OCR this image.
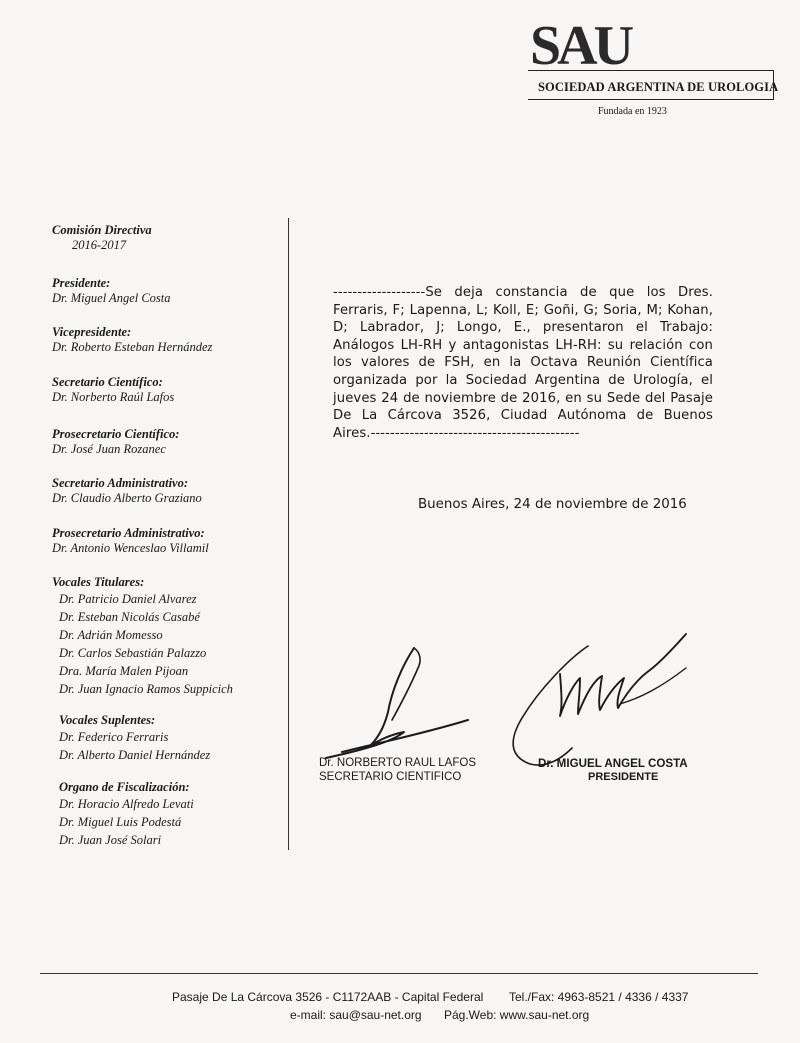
SAU
SOCIEDAD ARGENTINA DE UROLOGIA
Fundada en 1923
Comisión Directiva
2016-2017
Presidente:
Dr. Miguel Angel Costa
Vicepresidente:
Dr. Roberto Esteban Hernández
Secretario Científico:
Dr. Norberto Raúl Lafos
Prosecretario Científico:
Dr. José Juan Rozanec
Secretario Administrativo:
Dr. Claudio Alberto Graziano
Prosecretario Administrativo:
Dr. Antonio Wenceslao Villamil
Vocales Titulares:
Dr. Patricio Daniel Alvarez
Dr. Esteban Nicolás Casabé
Dr. Adrián Momesso
Dr. Carlos Sebastián Palazzo
Dra. María Malen Pijoan
Dr. Juan Ignacio Ramos Suppicich
Vocales Suplentes:
Dr. Federico Ferraris
Dr. Alberto Daniel Hernández
Organo de Fiscalización:
Dr. Horacio Alfredo Levati
Dr. Miguel Luis Podestá
Dr. Juan José Solari
-------------------Se deja constancia de que los Dres. Ferraris, F; Lapenna, L; Koll, E; Goñi, G; Soria, M; Kohan, D; Labrador, J; Longo, E., presentaron el Trabajo: Análogos LH-RH y antagonistas LH-RH: su relación con los valores de FSH, en la Octava Reunión Científica organizada por la Sociedad Argentina de Urología, el jueves 24 de noviembre de 2016, en su Sede del Pasaje De La Cárcova 3526, Ciudad Autónoma de Buenos Aires.-------------------------------------------
Buenos Aires, 24 de noviembre de 2016
Dr. NORBERTO RAUL LAFOS
SECRETARIO CIENTIFICO
Dr. MIGUEL ANGEL COSTA
PRESIDENTE
Pasaje De La Cárcova 3526 - C1172AAB - Capital Federal Tel./Fax: 4963-8521 / 4336 / 4337
e-mail: sau@sau-net.org Pág.Web: www.sau-net.org
